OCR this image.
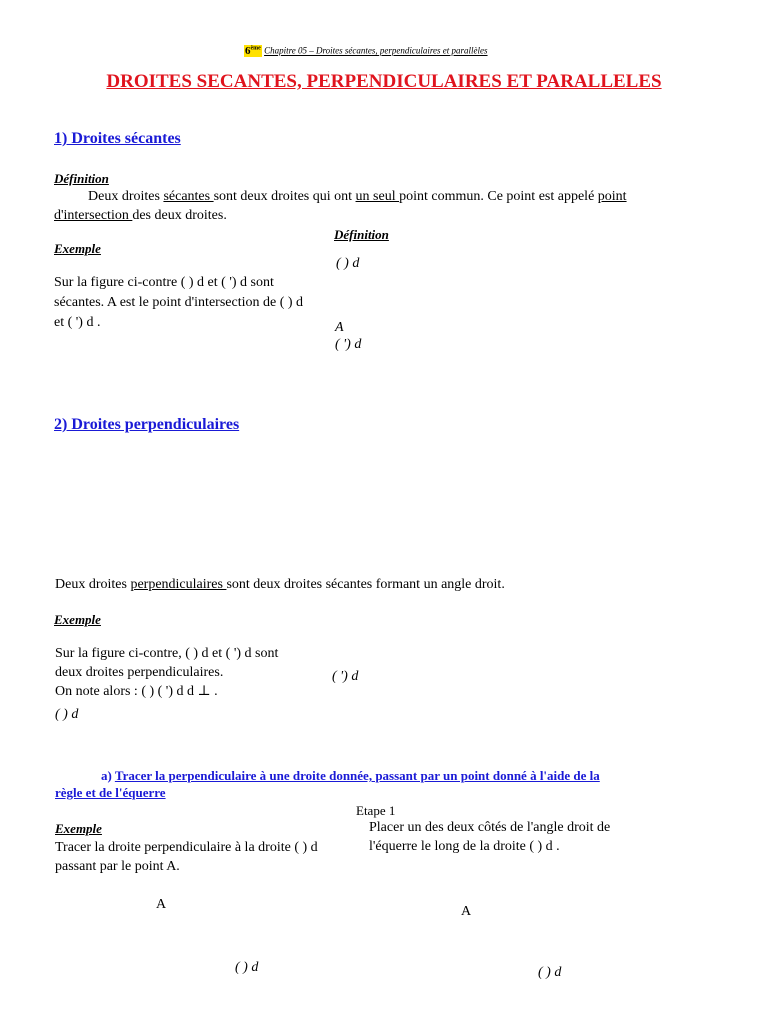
6ème Chapitre 05 – Droites sécantes, perpendiculaires et parallèles
DROITES SECANTES, PERPENDICULAIRES ET PARALLELES
1) Droites sécantes
Définition
Deux droites sécantes sont deux droites qui ont un seul point commun. Ce point est appelé point
d'intersection des deux droites.
Définition
Exemple
( ) d
Sur la figure ci-contre ( ) d et ( ') d sont
sécantes. A est le point d'intersection de ( ) d
et ( ') d .	A
( ') d
2) Droites perpendiculaires
Deux droites perpendiculaires sont deux droites sécantes formant un angle droit.
Exemple
Sur la figure ci-contre, ( ) d et ( ') d sont
deux droites perpendiculaires.
On note alors : ( ) ( ') d d ⊥ .
( ') d
( ) d
a) Tracer la perpendiculaire à une droite donnée, passant par un point donné à l'aide de la
règle et de l'équerre
Etape 1
Exemple	Placer un des deux côtés de l'angle droit de
l'équerre le long de la droite ( ) d .
Tracer la droite perpendiculaire à la droite ( ) d
passant par le point A.
A	A
( ) d	( ) d
